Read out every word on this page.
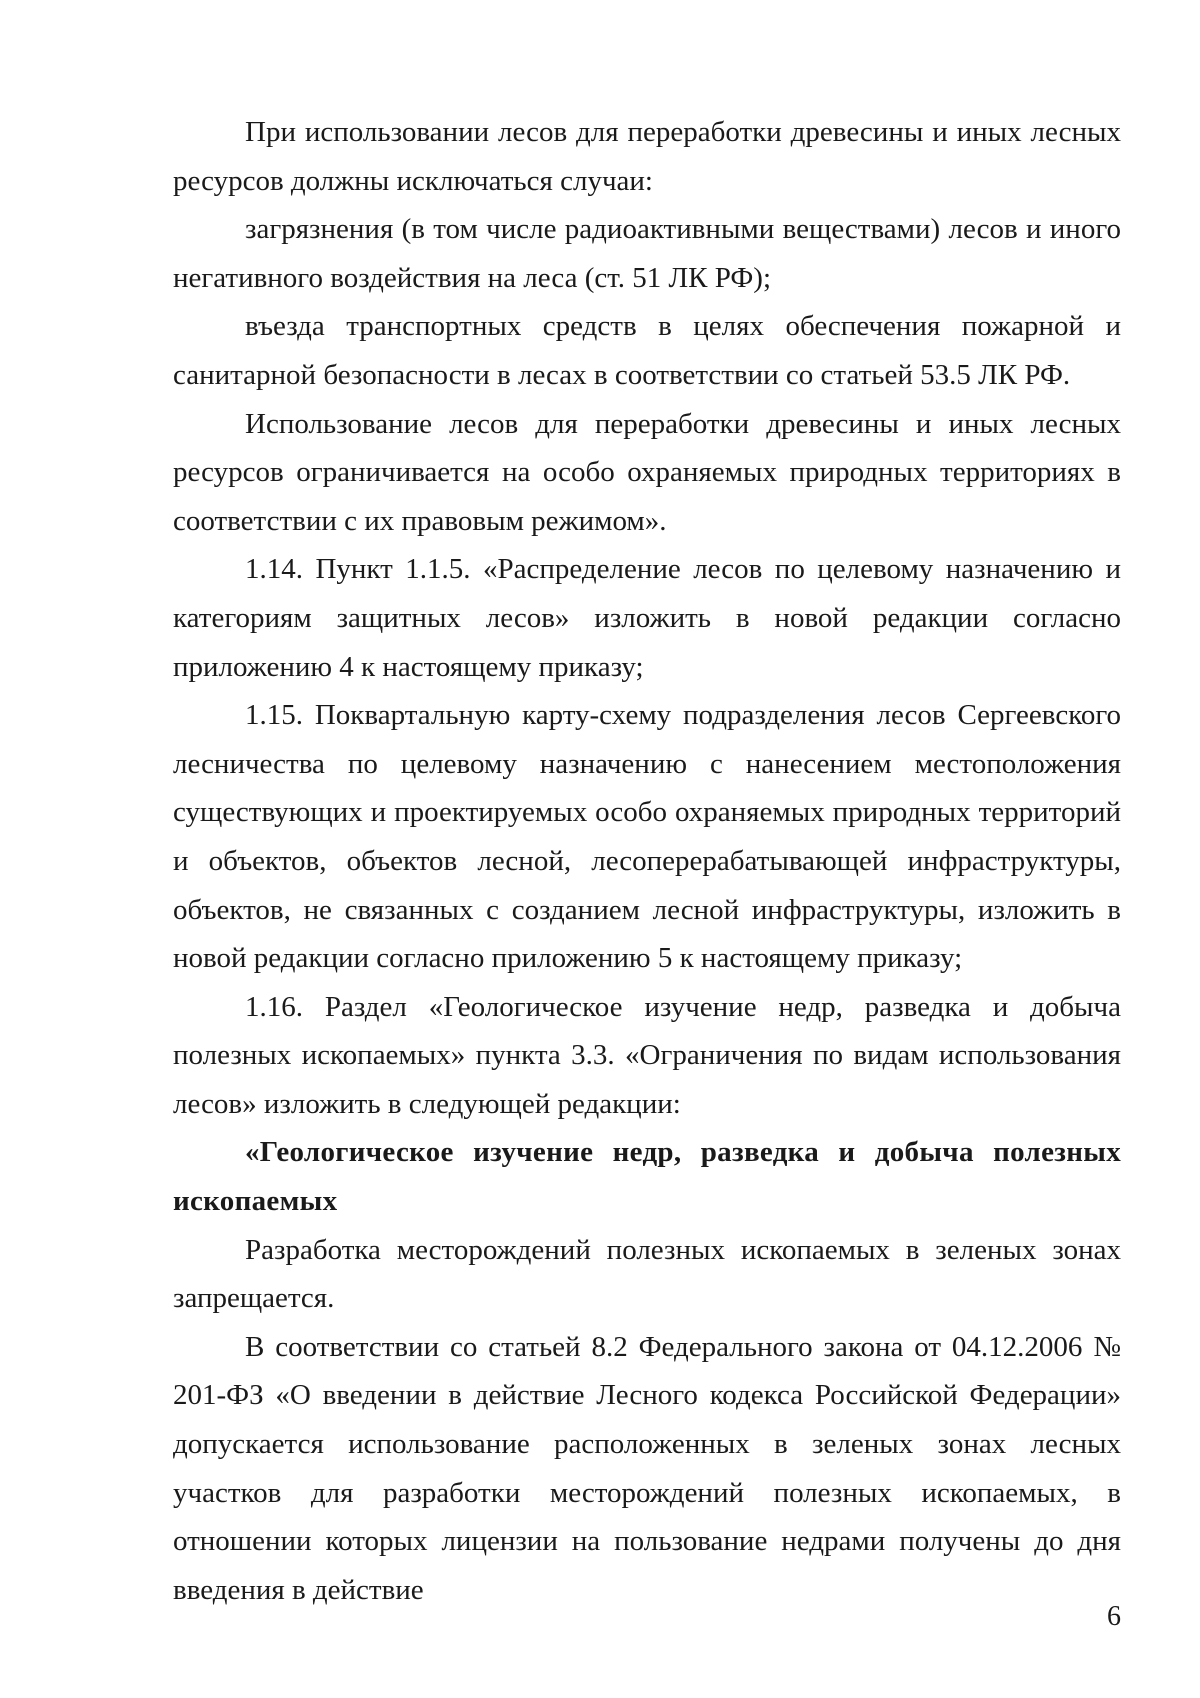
При использовании лесов для переработки древесины и иных лесных ресурсов должны исключаться случаи:

загрязнения (в том числе радиоактивными веществами) лесов и иного негативного воздействия на леса (ст. 51 ЛК РФ);

въезда транспортных средств в целях обеспечения пожарной и санитарной безопасности в лесах в соответствии со статьей 53.5 ЛК РФ.

Использование лесов для переработки древесины и иных лесных ресурсов ограничивается на особо охраняемых природных территориях в соответствии с их правовым режимом».

1.14. Пункт 1.1.5. «Распределение лесов по целевому назначению и категориям защитных лесов» изложить в новой редакции согласно приложению 4 к настоящему приказу;

1.15. Поквартальную карту-схему подразделения лесов Сергеевского лесничества по целевому назначению с нанесением местоположения существующих и проектируемых особо охраняемых природных территорий и объектов, объектов лесной, лесоперерабатывающей инфраструктуры, объектов, не связанных с созданием лесной инфраструктуры, изложить в новой редакции согласно приложению 5 к настоящему приказу;

1.16. Раздел «Геологическое изучение недр, разведка и добыча полезных ископаемых» пункта 3.3. «Ограничения по видам использования лесов» изложить в следующей редакции:

«Геологическое изучение недр, разведка и добыча полезных ископаемых

Разработка месторождений полезных ископаемых в зеленых зонах запрещается.

В соответствии со статьей 8.2 Федерального закона от 04.12.2006 № 201-ФЗ «О введении в действие Лесного кодекса Российской Федерации» допускается использование расположенных в зеленых зонах лесных участков для разработки месторождений полезных ископаемых, в отношении которых лицензии на пользование недрами получены до дня введения в действие

6
